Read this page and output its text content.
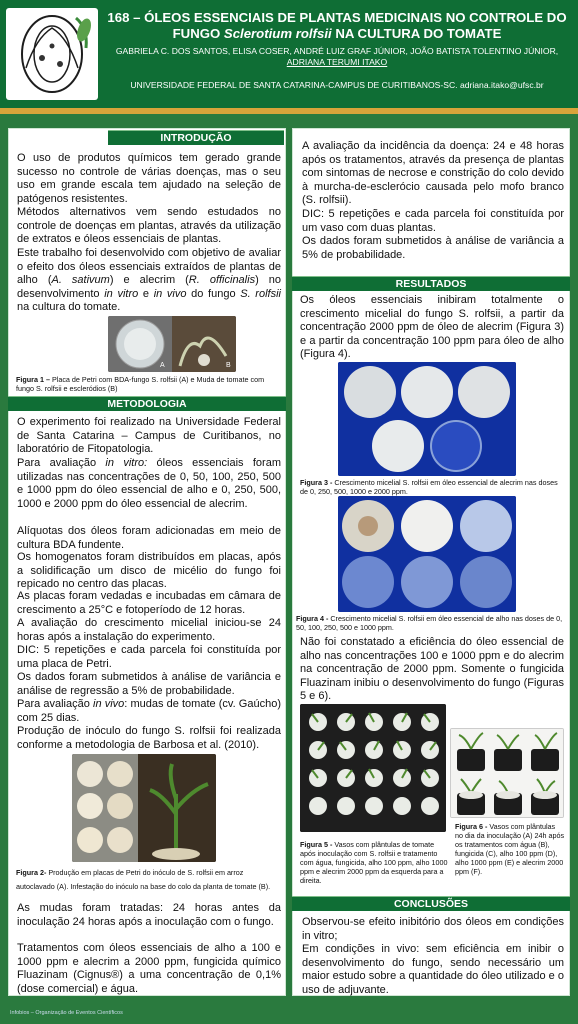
168 – ÓLEOS ESSENCIAIS DE PLANTAS MEDICINAIS NO CONTROLE DO
FUNGO Sclerotium rolfsii NA CULTURA DO TOMATE
GABRIELA C. DOS SANTOS, ELISA COSER, ANDRÉ LUIZ GRAF JÚNIOR, JOÃO BATISTA TOLENTINO JÚNIOR,
ADRIANA TERUMI ITAKO
UNIVERSIDADE FEDERAL DE SANTA CATARINA-CAMPUS DE CURITIBANOS-SC. adriana.itako@ufsc.br
INTRODUÇÃO
O uso de produtos químicos tem gerado grande sucesso no controle de várias doenças, mas o seu uso em grande escala tem ajudado na seleção de patógenos resistentes.
Métodos alternativos vem sendo estudados no controle de doenças em plantas, através da utilização de extratos e óleos essenciais de plantas.
Este trabalho foi desenvolvido com objetivo de avaliar o efeito dos óleos essenciais extraídos de plantas de alho (A. sativum) e alecrim (R. officinalis) no desenvolvimento in vitro e in vivo do fungo S. rolfsii na cultura do tomate.
A	B
Figura 1 – Placa de Petri com BDA-fungo S. rolfsii (A) e Muda de tomate com fungo S. rolfsii e escleródios (B)
METODOLOGIA
O experimento foi realizado na Universidade Federal de Santa Catarina – Campus de Curitibanos, no laboratório de Fitopatologia.
Para avaliação in vitro: óleos essenciais foram utilizadas nas concentrações de 0, 50, 100, 250, 500 e 1000 ppm do óleo essencial de alho e 0, 250, 500, 1000 e 2000 ppm do óleo essencial de alecrim.
Alíquotas dos óleos foram adicionadas em meio de cultura BDA fundente.
Os homogenatos foram distribuídos em placas, após a solidificação um disco de micélio do fungo foi repicado no centro das placas.
As placas foram vedadas e incubadas em câmara de crescimento a 25°C e fotoperíodo de 12 horas.
A avaliação do crescimento micelial iniciou-se 24 horas após a instalação do experimento.
DIC: 5 repetições e cada parcela foi constituída por uma placa de Petri.
Os dados foram submetidos à análise de variância e análise de regressão a 5% de probabilidade.
Para avaliação in vivo: mudas de tomate (cv. Gaúcho) com 25 dias.
Produção de inóculo do fungo S. rolfsii foi realizada conforme a metodologia de Barbosa et al. (2010).
Figura 2- Produção em placas de Petri do inóculo de S. rolfsii em arroz autoclavado (A). Infestação do inóculo na base do colo da planta de tomate (B).
As mudas foram tratadas: 24 horas antes da inoculação 24 horas após a inoculação com o fungo.
Tratamentos com óleos essenciais de alho a 100 e 1000 ppm e alecrim a 2000 ppm, fungicida químico Fluazinam (Cignus®) a uma concentração de 0,1% (dose comercial) e água.
A avaliação da incidência da doença: 24 e 48 horas após os tratamentos, através da presença de plantas com sintomas de necrose e constrição do colo devido à murcha-de-esclerócio causada pelo mofo branco (S. rolfsii).
DIC: 5 repetições e cada parcela foi constituída por um vaso com duas plantas.
Os dados foram submetidos à análise de variância a 5% de probabilidade.
RESULTADOS
Os óleos essenciais inibiram totalmente o crescimento micelial do fungo S. rolfsii, a partir da concentração 2000 ppm de óleo de alecrim (Figura 3) e a partir da concentração 100 ppm para óleo de alho (Figura 4).
Figura 3 - Crescimento micelial S. rolfsii em óleo essencial de alecrim nas doses de 0, 250, 500, 1000 e 2000 ppm.
Figura 4 - Crescimento micelial S. rolfsii em óleo essencial de alho nas doses de 0, 50, 100, 250, 500 e 1000 ppm.
Não foi constatado a eficiência do óleo essencial de alho nas concentrações 100 e 1000 ppm e do alecrim na concentração de 2000 ppm. Somente o fungicida Fluazinam inibiu o desenvolvimento do fungo (Figuras 5 e 6).
Figura 5 - Vasos com plântulas de tomate após inoculação com S. rolfsii e tratamento com água, fungicida, alho 100 ppm, alho 1000 ppm e alecrim 2000 ppm da esquerda para a direita.
Figura 6 - Vasos com plântulas no dia da inoculação (A) 24h após os tratamentos com água (B), fungicida (C), alho 100 ppm (D), alho 1000 ppm (E) e alecrim 2000 ppm (F).
CONCLUSÕES
Observou-se efeito inibitório dos óleos em condições in vitro;
Em condições in vivo: sem eficiência em inibir o desenvolvimento do fungo, sendo necessário um maior estudo sobre a quantidade do óleo utilizado e o uso de adjuvante.
Infobios – Organização de Eventos Científicos
